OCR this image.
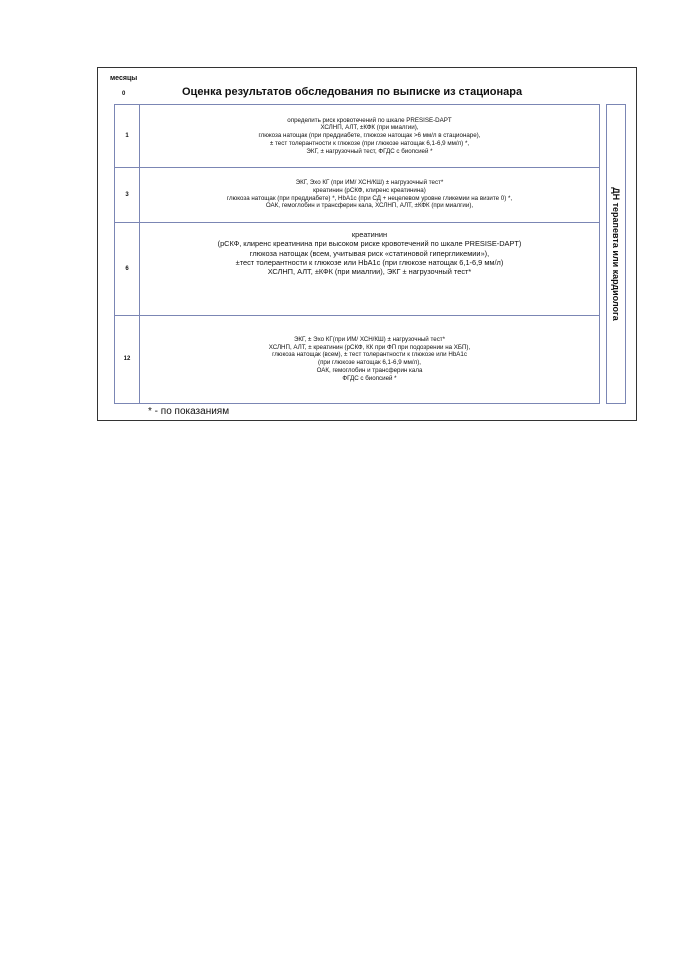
месяцы
0	Оценка результатов обследования по выписке из стационара
1
определить риск кровотечений по шкале PRESISE-DAPT
ХСЛНП, АЛТ, ±КФК (при миалгии),
глюкоза натощак (при преддиабете, глюкозе натощак >6 мм/л в стационаре),
± тест толерантности к глюкозе (при глюкозе натощак 6,1-6,9 мм/л) *,
ЭКГ, ± нагрузочный тест, ФГДС с биопсией *
3
ЭКГ, Эхо КГ (при ИМ/ ХСН/КШ) ± нагрузочный тест*
креатинин (рСКФ, клиренс креатинина)
глюкоза натощак (при преддиабете) *, HbA1c (при СД + нецелевом уровне гликемии на визите 0) *,
ОАК, гемоглобин и трансферин кала, ХСЛНП, АЛТ, ±КФК (при миалгии),
6
креатинин
(рСКФ, клиренс креатинина при высоком риске кровотечений по шкале PRESISE-DAPT)
глюкоза натощак (всем, учитывая риск «статиновой гипергликемии»),
±тест толерантности к глюкозе или HbA1c (при глюкозе натощак 6,1-6,9 мм/л)
ХСЛНП, АЛТ, ±КФК (при миалгии), ЭКГ ± нагрузочный тест*
12
ЭКГ, ± Эхо КГ(при ИМ/ ХСН/КШ) ± нагрузочный тест*
ХСЛНП, АЛТ, ± креатинин (рСКФ, КК при ФП при подозрении на ХБП),
глюкоза натощак (всем), ± тест толерантности к глюкозе или HbA1c
(при глюкозе натощак 6,1-6,9 мм/л),
ОАК, гемоглобин и трансферин кала
ФГДС с биопсией *
ДН терапевта или кардиолога
* - по показаниям
